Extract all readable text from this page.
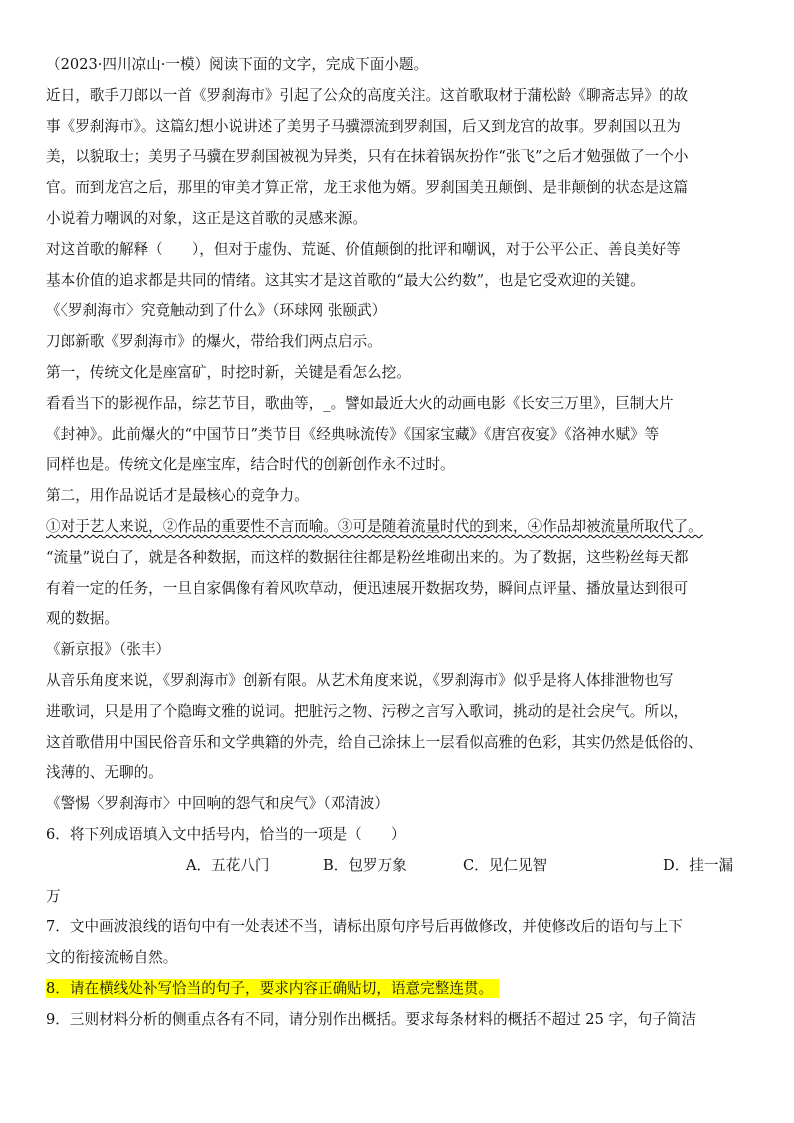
（2023·四川凉山·一模）阅读下面的文字，完成下面小题。

近日，歌手刀郎以一首《罗刹海市》引起了公众的高度关注。这首歌取材于蒲松龄《聊斋志异》的故

事《罗刹海市》。这篇幻想小说讲述了美男子马骥漂流到罗刹国，后又到龙宫的故事。罗刹国以丑为

美，以貌取士；美男子马骥在罗刹国被视为异类，只有在抹着锅灰扮作“张飞”之后才勉强做了一个小

官。而到龙宫之后，那里的审美才算正常，龙王求他为婿。罗刹国美丑颠倒、是非颠倒的状态是这篇

小说着力嘲讽的对象，这正是这首歌的灵感来源。

对这首歌的解释（　　），但对于虚伪、荒诞、价值颠倒的批评和嘲讽，对于公平公正、善良美好等

基本价值的追求都是共同的情绪。这其实才是这首歌的“最大公约数”，也是它受欢迎的关键。

《〈罗刹海市〉究竟触动到了什么》（环球网 张颐武）

刀郎新歌《罗刹海市》的爆火，带给我们两点启示。

第一，传统文化是座富矿，时挖时新，关键是看怎么挖。

看看当下的影视作品，综艺节目，歌曲等，_。譬如最近大火的动画电影《长安三万里》，巨制大片

《封神》。此前爆火的“中国节日”类节目《经典咏流传》《国家宝藏》《唐宫夜宴》《洛神水赋》等

同样也是。传统文化是座宝库，结合时代的创新创作永不过时。

第二，用作品说话才是最核心的竞争力。

①对于艺人来说，②作品的重要性不言而喻。③可是随着流量时代的到来，④作品却被流量所取代了。

“流量”说白了，就是各种数据，而这样的数据往往都是粉丝堆砌出来的。为了数据，这些粉丝每天都

有着一定的任务，一旦自家偶像有着风吹草动，便迅速展开数据攻势，瞬间点评量、播放量达到很可

观的数据。

《新京报》（张丰）

从音乐角度来说，《罗刹海市》创新有限。从艺术角度来说，《罗刹海市》似乎是将人体排泄物也写

进歌词，只是用了个隐晦文雅的说词。把脏污之物、污秽之言写入歌词，挑动的是社会戾气。所以，

这首歌借用中国民俗音乐和文学典籍的外壳，给自己涂抹上一层看似高雅的色彩，其实仍然是低俗的、

浅薄的、无聊的。

《警惕〈罗刹海市〉中回响的怨气和戾气》（邓清波）

6．将下列成语填入文中括号内，恰当的一项是（　　）

A．五花八门	B．包罗万象	C．见仁见智	D．挂一漏

万

7．文中画波浪线的语句中有一处表述不当，请标出原句序号后再做修改，并使修改后的语句与上下

文的衔接流畅自然。

8．请在横线处补写恰当的句子，要求内容正确贴切，语意完整连贯。

9．三则材料分析的侧重点各有不同，请分别作出概括。要求每条材料的概括不超过 25 字，句子简洁
